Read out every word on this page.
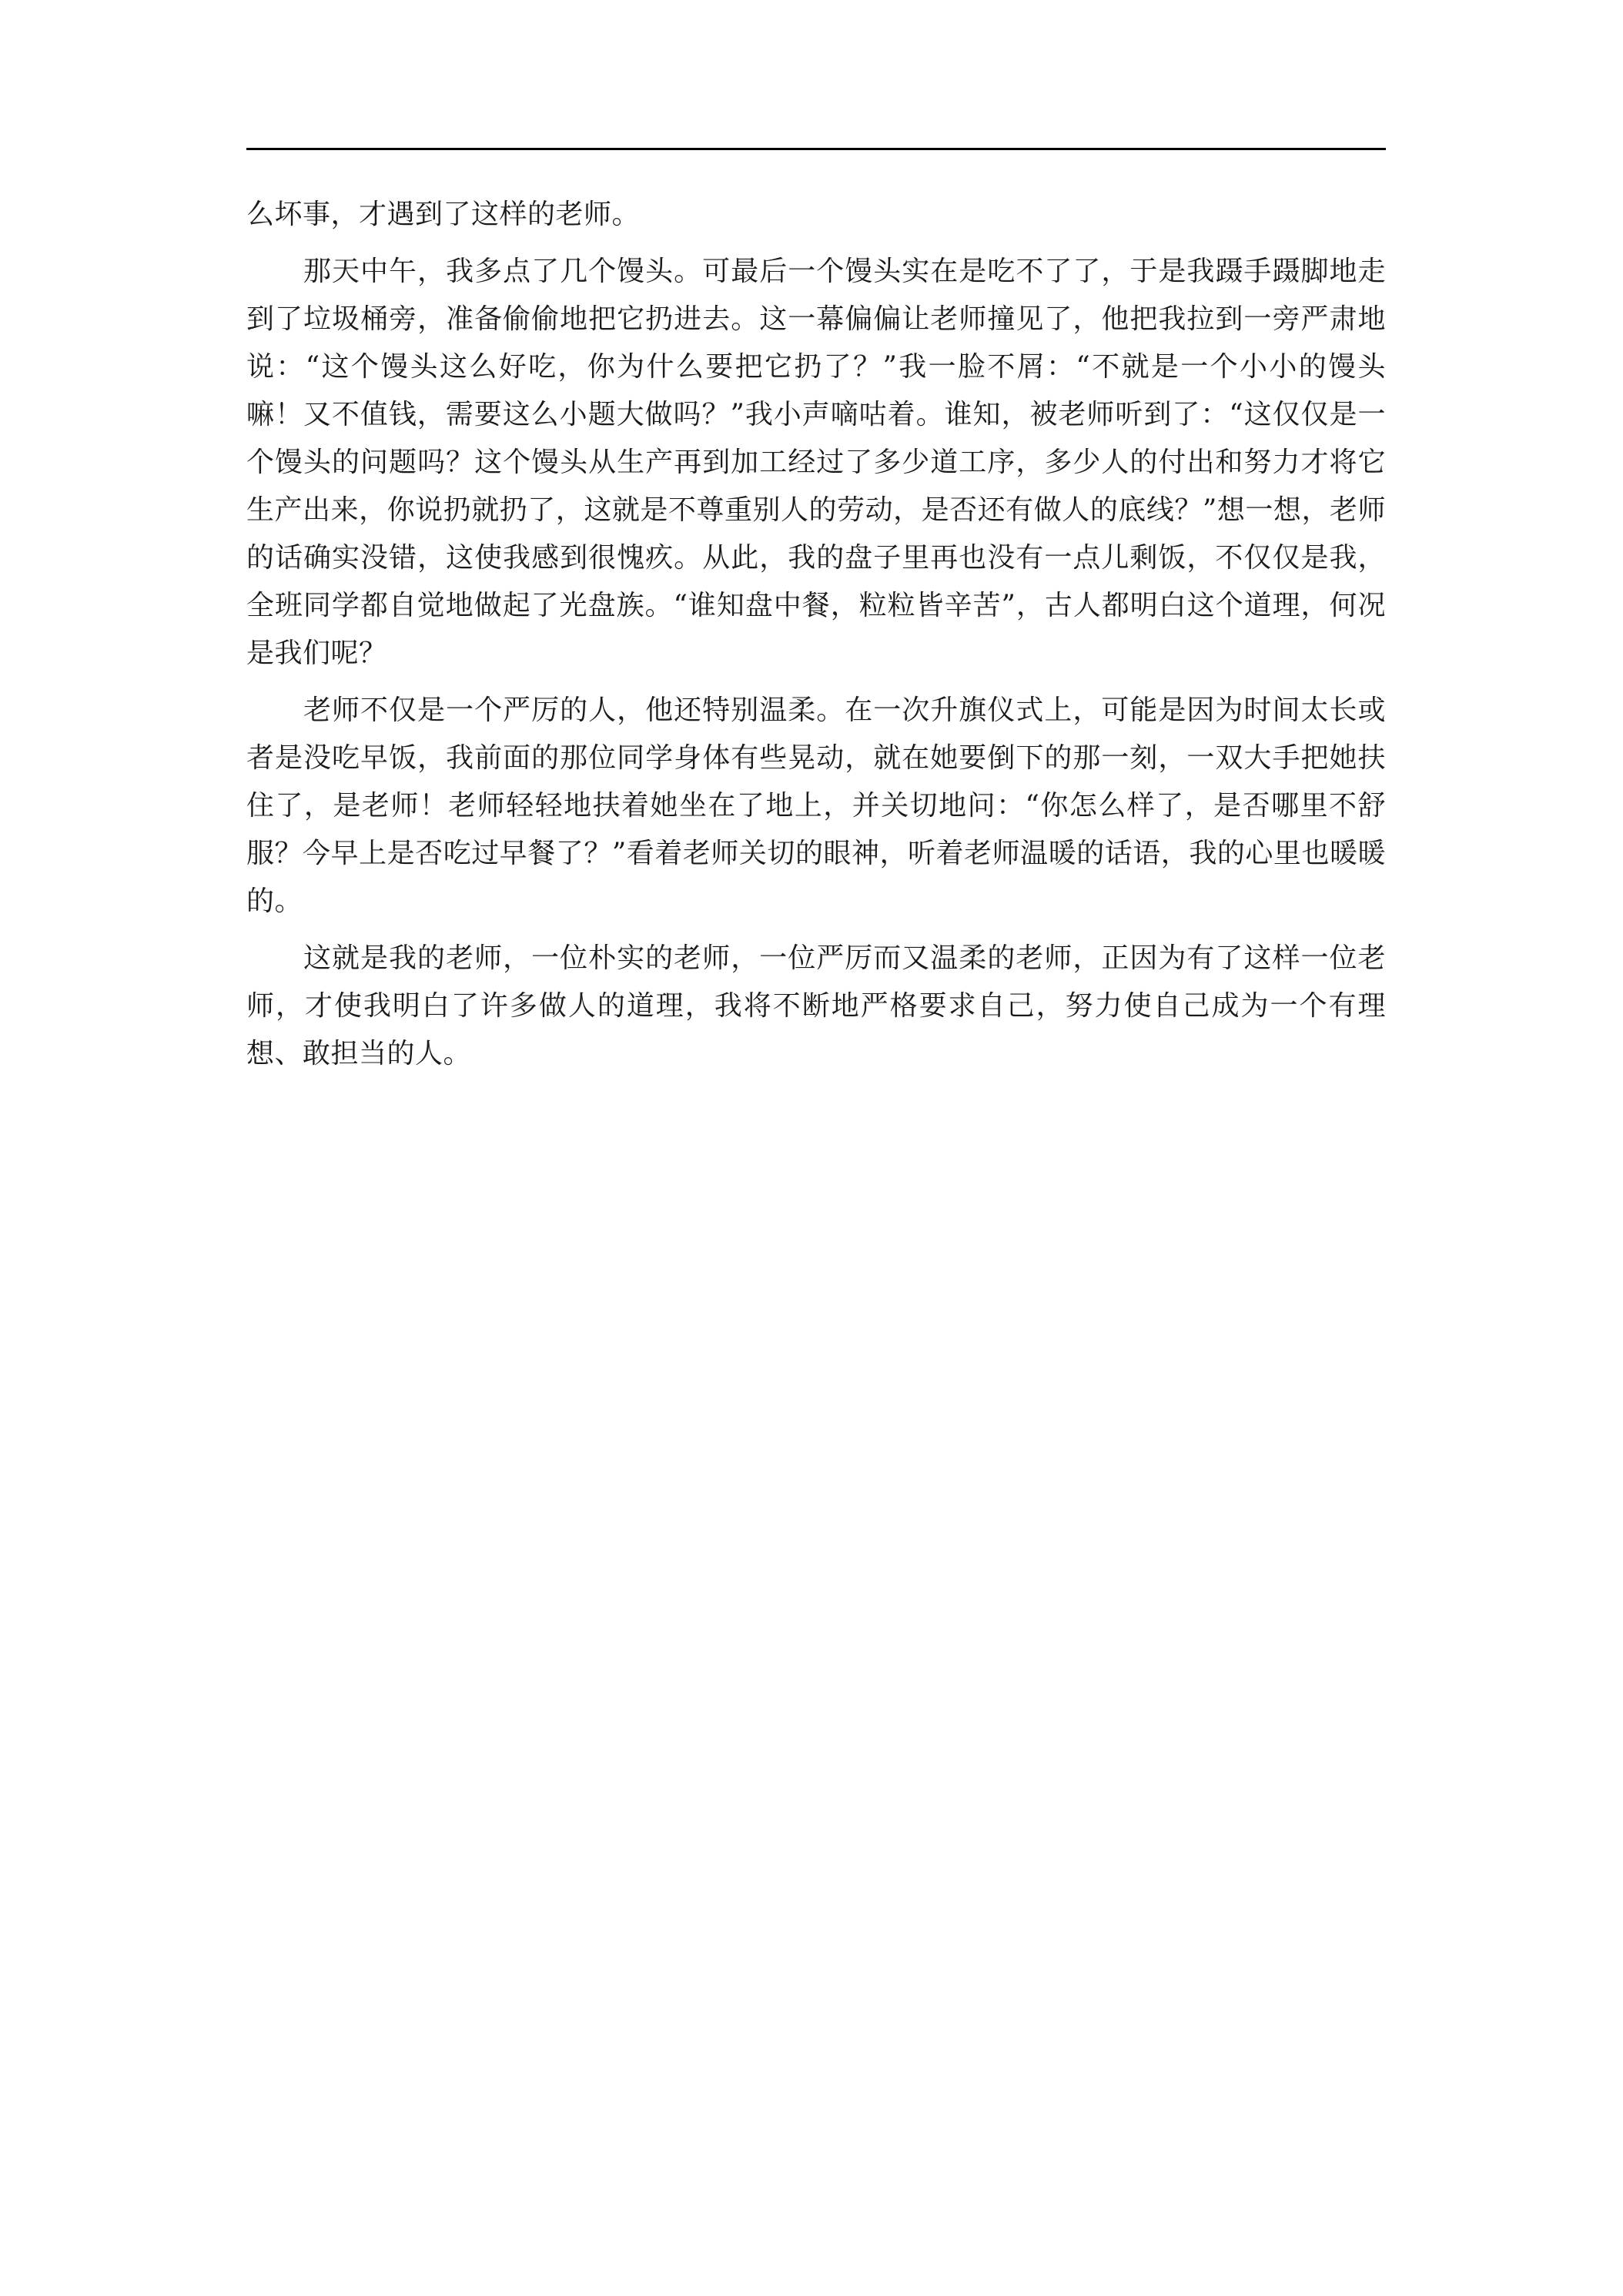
么坏事，才遇到了这样的老师。

那天中午，我多点了几个馒头。可最后一个馒头实在是吃不了了，于是我蹑手蹑脚地走到了垃圾桶旁，准备偷偷地把它扔进去。这一幕偏偏让老师撞见了，他把我拉到一旁严肃地说：“这个馒头这么好吃，你为什么要把它扔了？”我一脸不屑：“不就是一个小小的馒头嘛！又不值钱，需要这么小题大做吗？”我小声嘀咕着。谁知，被老师听到了：“这仅仅是一个馒头的问题吗？这个馒头从生产再到加工经过了多少道工序，多少人的付出和努力才将它生产出来，你说扔就扔了，这就是不尊重别人的劳动，是否还有做人的底线？”想一想，老师的话确实没错，这使我感到很愧疚。从此，我的盘子里再也没有一点儿剩饭，不仅仅是我，全班同学都自觉地做起了光盘族。“谁知盘中餐，粒粒皆辛苦”，古人都明白这个道理，何况是我们呢？

老师不仅是一个严厉的人，他还特别温柔。在一次升旗仪式上，可能是因为时间太长或者是没吃早饭，我前面的那位同学身体有些晃动，就在她要倒下的那一刻，一双大手把她扶住了，是老师！老师轻轻地扶着她坐在了地上，并关切地问：“你怎么样了，是否哪里不舒服？今早上是否吃过早餐了？”看着老师关切的眼神，听着老师温暖的话语，我的心里也暖暖的。

这就是我的老师，一位朴实的老师，一位严厉而又温柔的老师，正因为有了这样一位老师，才使我明白了许多做人的道理，我将不断地严格要求自己，努力使自己成为一个有理想、敢担当的人。
